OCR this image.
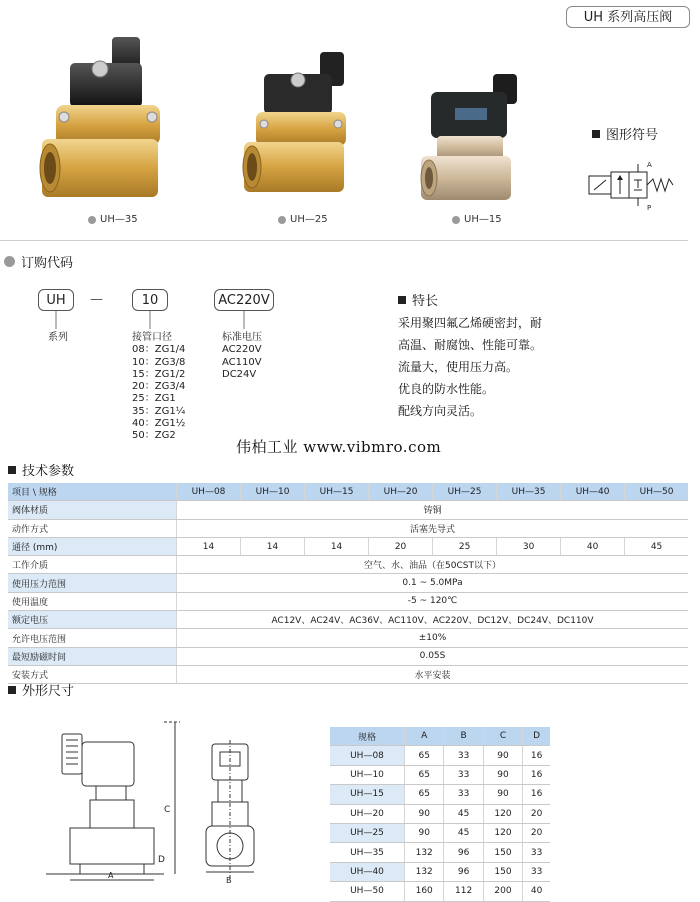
UH 系列高压阀
UH—35	UH—25	UH—15
图形符号
A
P
订购代码
UH	—	10	AC220V
系列	接管口径
08：ZG1/4
10：ZG3/8
15：ZG1/2
20：ZG3/4
25：ZG1
35：ZG1¼
40：ZG1½
50：ZG2
标准电压
AC220V
AC110V
DC24V
特长
采用聚四氟乙烯硬密封，耐
高温、耐腐蚀、性能可靠。
流量大，使用压力高。
优良的防水性能。
配线方向灵活。
伟柏工业 www.vibmro.com
技术参数
项目 \ 规格	UH—08	UH—10	UH—15	UH—20	UH—25	UH—35	UH—40	UH—50
阀体材质	铸铜							
动作方式	活塞先导式							
通径 (mm)	14	14	14	20	25	30	40	45
工作介质	空气、水、油品（在50CST以下）							
使用压力范围	0.1 ~ 5.0MPa							
使用温度	-5 ~ 120℃							
额定电压	AC12V、AC24V、AC36V、AC110V、AC220V、DC12V、DC24V、DC110V							
允许电压范围	±10%							
最短励磁时间	0.05S							
安装方式	水平安装							
外形尺寸
C
D
A
B
规格	A	B	C	D
UH—08	65	33	90	16
UH—10	65	33	90	16
UH—15	65	33	90	16
UH—20	90	45	120	20
UH—25	90	45	120	20
UH—35	132	96	150	33
UH—40	132	96	150	33
UH—50	160	112	200	40
